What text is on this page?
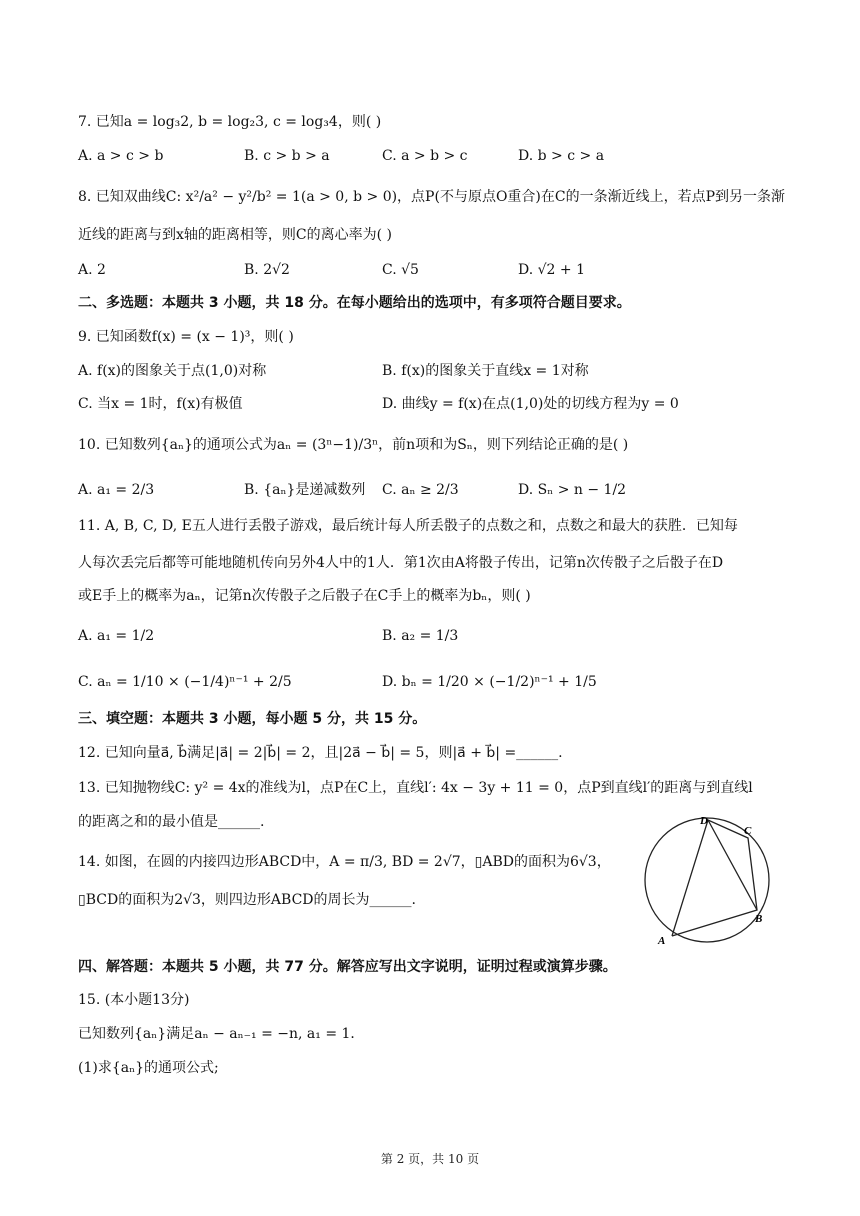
7. 已知a = log₃2, b = log₂3, c = log₃4，则( )
A. a > c > b	B. c > b > a	C. a > b > c	D. b > c > a
8. 已知双曲线C: x²/a² − y²/b² = 1(a > 0, b > 0)，点P(不与原点O重合)在C的一条渐近线上，若点P到另一条渐
近线的距离与到x轴的距离相等，则C的离心率为( )
A. 2	B. 2√2	C. √5	D. √2 + 1
二、多选题：本题共 3 小题，共 18 分。在每小题给出的选项中，有多项符合题目要求。
9. 已知函数f(x) = (x − 1)³，则( )
A. f(x)的图象关于点(1,0)对称	B. f(x)的图象关于直线x = 1对称
C. 当x = 1时，f(x)有极值	D. 曲线y = f(x)在点(1,0)处的切线方程为y = 0
10. 已知数列{aₙ}的通项公式为aₙ = (3ⁿ−1)/3ⁿ，前n项和为Sₙ，则下列结论正确的是( )
A. a₁ = 2/3	B. {aₙ}是递减数列 C. aₙ ≥ 2/3	D. Sₙ > n − 1/2
11. A, B, C, D, E五人进行丢骰子游戏，最后统计每人所丢骰子的点数之和，点数之和最大的获胜．已知每
人每次丢完后都等可能地随机传向另外4人中的1人．第1次由A将骰子传出，记第n次传骰子之后骰子在D
或E手上的概率为aₙ，记第n次传骰子之后骰子在C手上的概率为bₙ，则( )
A. a₁ = 1/2	B. a₂ = 1/3
C. aₙ = 1/10 × (−1/4)ⁿ⁻¹ + 2/5	D. bₙ = 1/20 × (−1/2)ⁿ⁻¹ + 1/5
三、填空题：本题共 3 小题，每小题 5 分，共 15 分。
12. 已知向量a⃗, b⃗满足|a⃗| = 2|b⃗| = 2，且|2a⃗ − b⃗| = 5，则|a⃗ + b⃗| =______.
13. 已知抛物线C: y² = 4x的准线为l，点P在C上，直线l′: 4x − 3y + 11 = 0，点P到直线l′的距离与到直线l
的距离之和的最小值是______.
14. 如图，在圆的内接四边形ABCD中，A = π/3, BD = 2√7，▯ABD的面积为6√3，
▯BCD的面积为2√3，则四边形ABCD的周长为______.
A
B
C
D
四、解答题：本题共 5 小题，共 77 分。解答应写出文字说明，证明过程或演算步骤。
15. (本小题13分)
已知数列{aₙ}满足aₙ − aₙ₋₁ = −n, a₁ = 1．
(1)求{aₙ}的通项公式;
第 2 页，共 10 页
